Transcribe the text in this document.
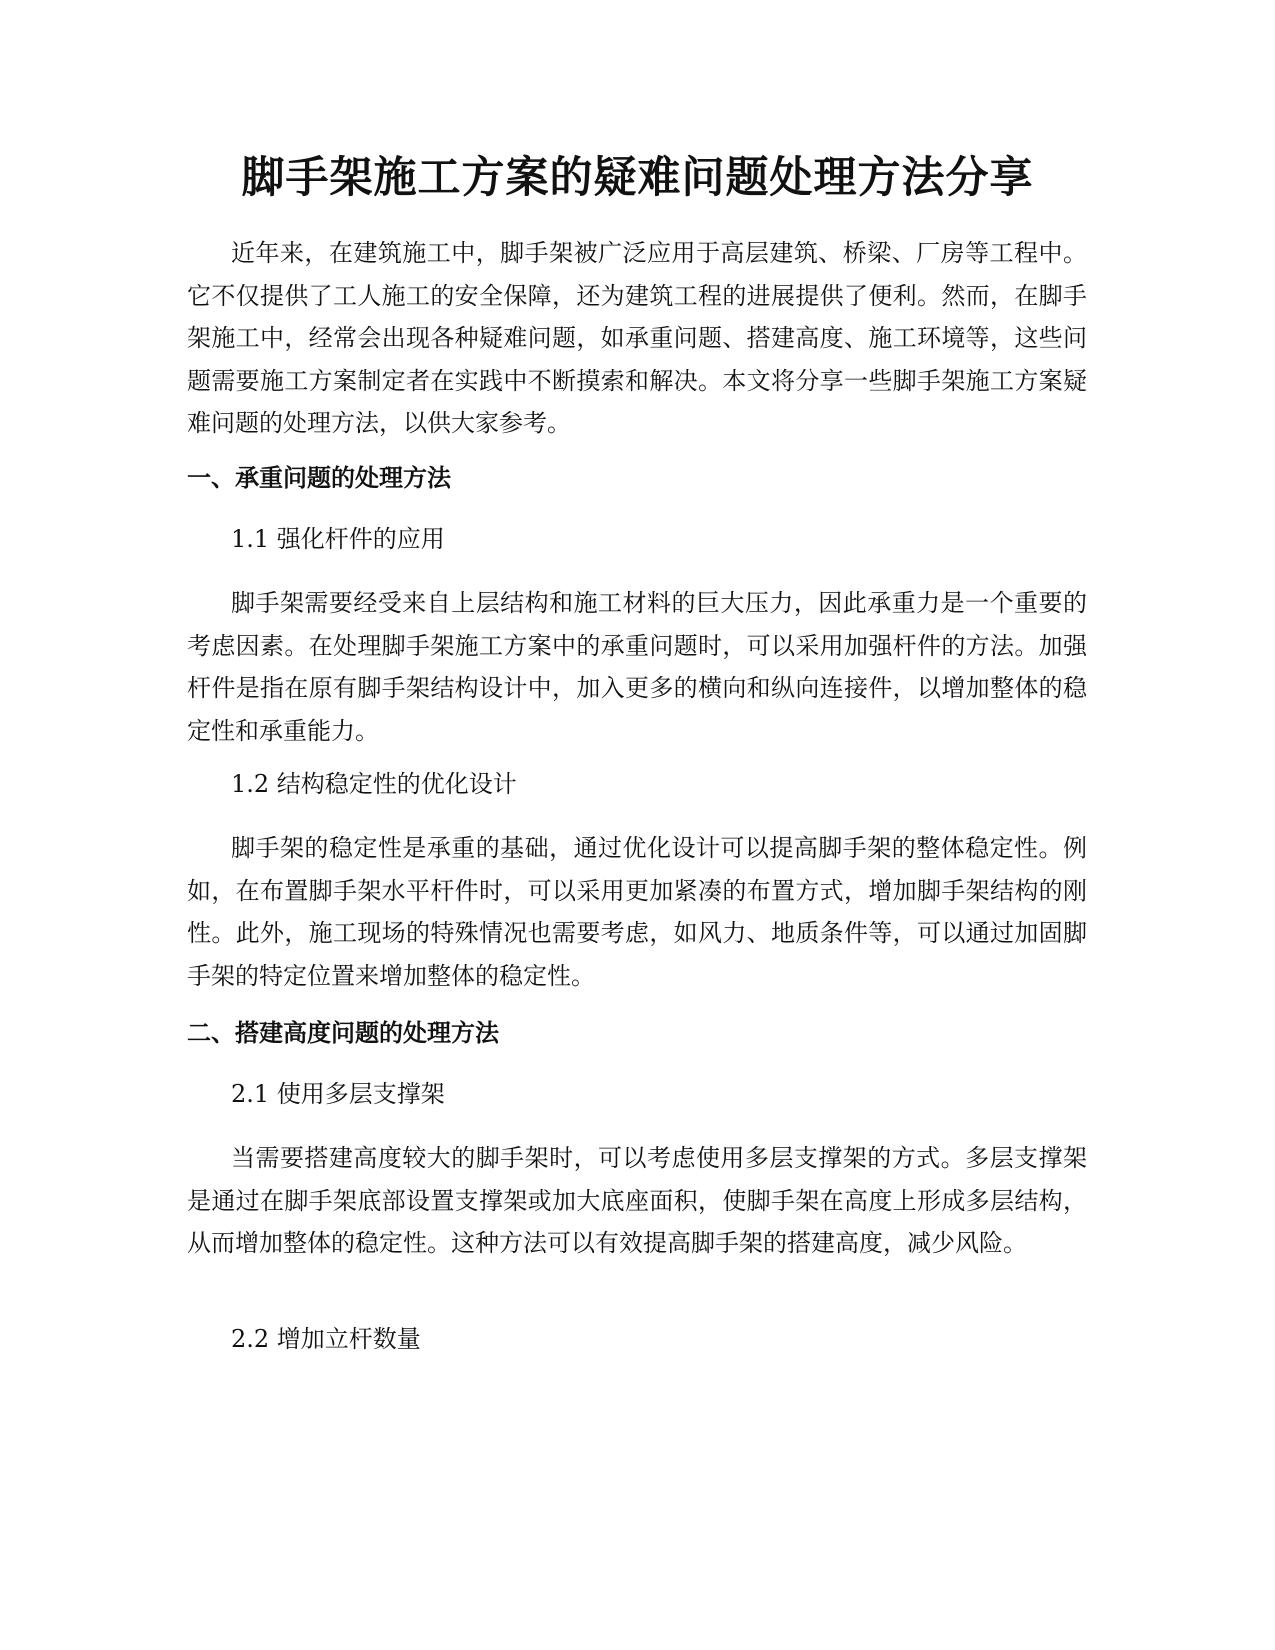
脚手架施工方案的疑难问题处理方法分享

近年来，在建筑施工中，脚手架被广泛应用于高层建筑、桥梁、厂房等工程中。它不仅提供了工人施工的安全保障，还为建筑工程的进展提供了便利。然而，在脚手架施工中，经常会出现各种疑难问题，如承重问题、搭建高度、施工环境等，这些问题需要施工方案制定者在实践中不断摸索和解决。本文将分享一些脚手架施工方案疑难问题的处理方法，以供大家参考。

一、承重问题的处理方法

1.1 强化杆件的应用

脚手架需要经受来自上层结构和施工材料的巨大压力，因此承重力是一个重要的考虑因素。在处理脚手架施工方案中的承重问题时，可以采用加强杆件的方法。加强杆件是指在原有脚手架结构设计中，加入更多的横向和纵向连接件，以增加整体的稳定性和承重能力。

1.2 结构稳定性的优化设计

脚手架的稳定性是承重的基础，通过优化设计可以提高脚手架的整体稳定性。例如，在布置脚手架水平杆件时，可以采用更加紧凑的布置方式，增加脚手架结构的刚性。此外，施工现场的特殊情况也需要考虑，如风力、地质条件等，可以通过加固脚手架的特定位置来增加整体的稳定性。

二、搭建高度问题的处理方法

2.1 使用多层支撑架

当需要搭建高度较大的脚手架时，可以考虑使用多层支撑架的方式。多层支撑架是通过在脚手架底部设置支撑架或加大底座面积，使脚手架在高度上形成多层结构，从而增加整体的稳定性。这种方法可以有效提高脚手架的搭建高度，减少风险。

2.2 增加立杆数量
